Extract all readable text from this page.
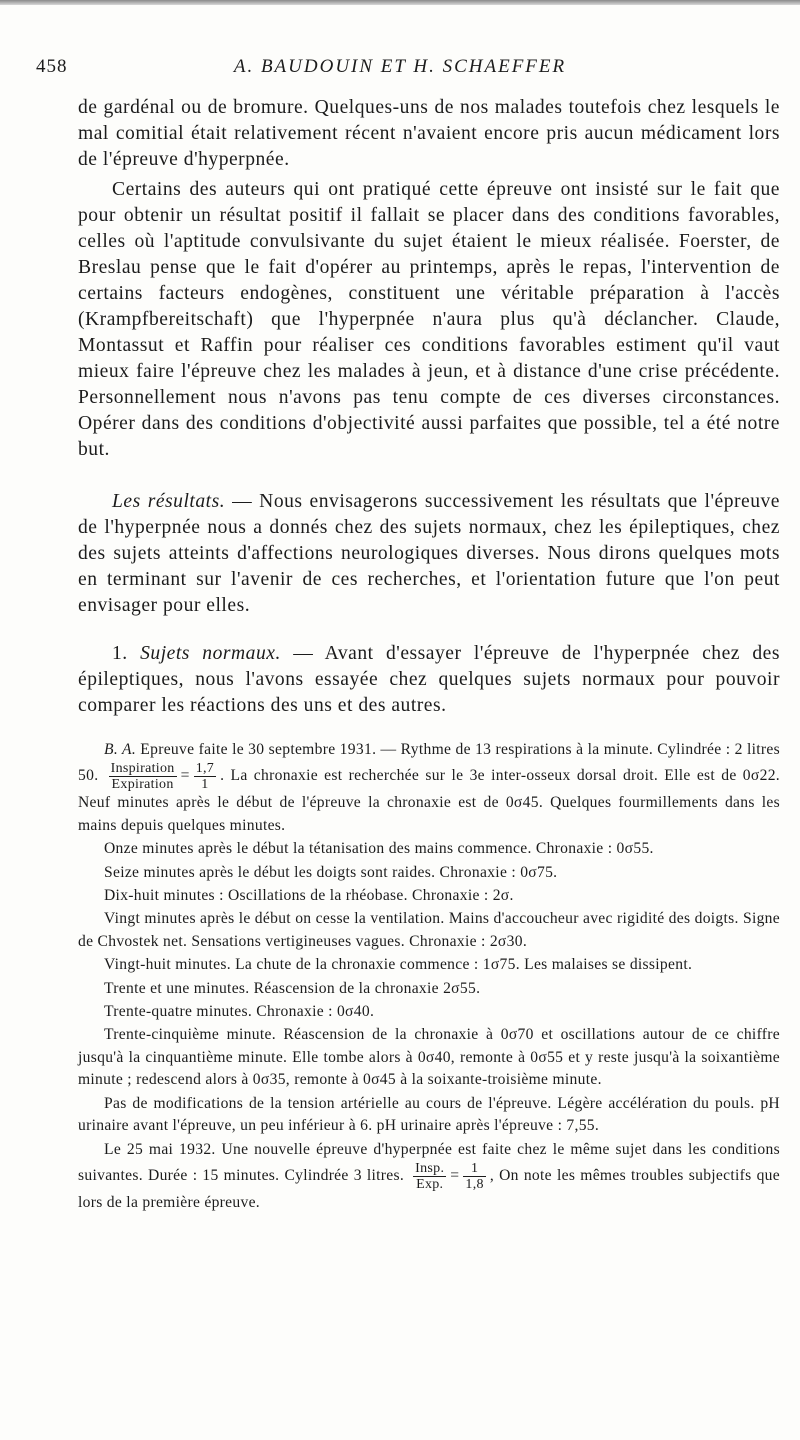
458	A. BAUDOUIN ET H. SCHAEFFER

de gardénal ou de bromure. Quelques-uns de nos malades toutefois chez lesquels le mal comitial était relativement récent n'avaient encore pris aucun médicament lors de l'épreuve d'hyperpnée.

Certains des auteurs qui ont pratiqué cette épreuve ont insisté sur le fait que pour obtenir un résultat positif il fallait se placer dans des conditions favorables, celles où l'aptitude convulsivante du sujet étaient le mieux réalisée. Foerster, de Breslau pense que le fait d'opérer au printemps, après le repas, l'intervention de certains facteurs endogènes, constituent une véritable préparation à l'accès (Krampfbereitschaft) que l'hyperpnée n'aura plus qu'à déclancher. Claude, Montassut et Raffin pour réaliser ces conditions favorables estiment qu'il vaut mieux faire l'épreuve chez les malades à jeun, et à distance d'une crise précédente. Personnellement nous n'avons pas tenu compte de ces diverses circonstances. Opérer dans des conditions d'objectivité aussi parfaites que possible, tel a été notre but.

Les résultats. — Nous envisagerons successivement les résultats que l'épreuve de l'hyperpnée nous a donnés chez des sujets normaux, chez les épileptiques, chez des sujets atteints d'affections neurologiques diverses. Nous dirons quelques mots en terminant sur l'avenir de ces recherches, et l'orientation future que l'on peut envisager pour elles.

1. Sujets normaux. — Avant d'essayer l'épreuve de l'hyperpnée chez des épileptiques, nous l'avons essayée chez quelques sujets normaux pour pouvoir comparer les réactions des uns et des autres.

B. A. Epreuve faite le 30 septembre 1931. — Rythme de 13 respirations à la minute. Cylindrée : 2 litres 50. $\frac{\text{Inspiration}}{\text{Expiration}} = \frac{1,7}{1}$ . La chronaxie est recherchée sur le 3e inter-osseux dorsal droit. Elle est de 0σ22. Neuf minutes après le début de l'épreuve la chronaxie est de 0σ45. Quelques fourmillements dans les mains depuis quelques minutes.

Onze minutes après le début la tétanisation des mains commence. Chronaxie : 0σ55.

Seize minutes après le début les doigts sont raides. Chronaxie : 0σ75.

Dix-huit minutes : Oscillations de la rhéobase. Chronaxie : 2σ.

Vingt minutes après le début on cesse la ventilation. Mains d'accoucheur avec rigidité des doigts. Signe de Chvostek net. Sensations vertigineuses vagues. Chronaxie : 2σ30.

Vingt-huit minutes. La chute de la chronaxie commence : 1σ75. Les malaises se dissipent.

Trente et une minutes. Réascension de la chronaxie 2σ55.

Trente-quatre minutes. Chronaxie : 0σ40.

Trente-cinquième minute. Réascension de la chronaxie à 0σ70 et oscillations autour de ce chiffre jusqu'à la cinquantième minute. Elle tombe alors à 0σ40, remonte à 0σ55 et y reste jusqu'à la soixantième minute ; redescend alors à 0σ35, remonte à 0σ45 à la soixante-troisième minute.

Pas de modifications de la tension artérielle au cours de l'épreuve. Légère accélération du pouls. pH urinaire avant l'épreuve, un peu inférieur à 6. pH urinaire après l'épreuve : 7,55.

Le 25 mai 1932. Une nouvelle épreuve d'hyperpnée est faite chez le même sujet dans les conditions suivantes. Durée : 15 minutes. Cylindrée 3 litres. $\frac{\text{Insp.}}{\text{Exp.}} = \frac{1}{1,8}$ , On note les mêmes troubles subjectifs que lors de la première épreuve.
